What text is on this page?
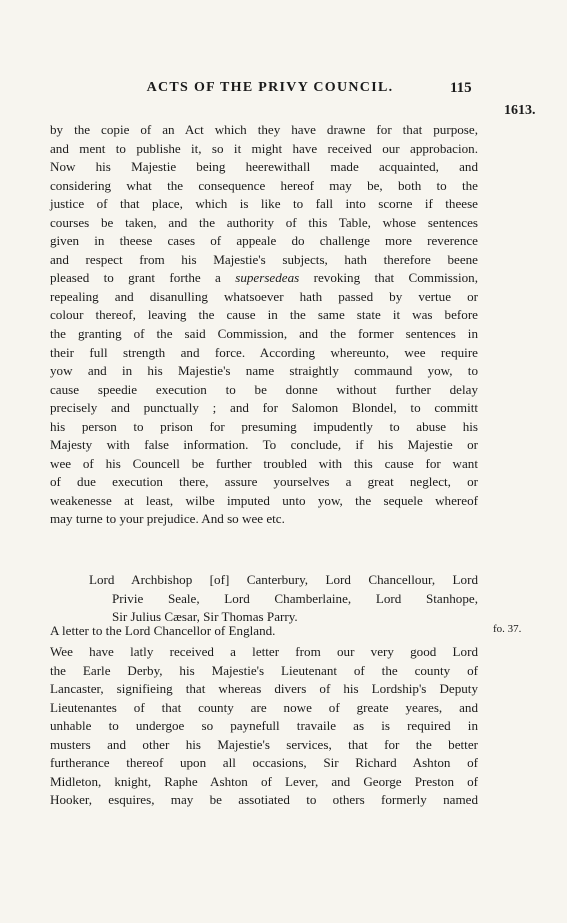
ACTS OF THE PRIVY COUNCIL.	115
1613.
fo. 37.
by the copie of an Act which they have drawne for that purpose,
and ment to publishe it, so it might have received our approbacion.
Now his Majestie being heerewithall made acquainted, and
considering what the consequence hereof may be, both to the
justice of that place, which is like to fall into scorne if theese
courses be taken, and the authority of this Table, whose sentences
given in theese cases of appeale do challenge more reverence
and respect from his Majestie's subjects, hath therefore beene
pleased to grant forthe a supersedeas revoking that Commission,
repealing and disanulling whatsoever hath passed by vertue or
colour thereof, leaving the cause in the same state it was before
the granting of the said Commission, and the former sentences in
their full strength and force. According whereunto, wee require
yow and in his Majestie's name straightly commaund yow, to
cause speedie execution to be donne without further delay
precisely and punctually ; and for Salomon Blondel, to committ
his person to prison for presuming impudently to abuse his
Majesty with false information. To conclude, if his Majestie or
wee of his Councell be further troubled with this cause for want
of due execution there, assure yourselves a great neglect, or
weakenesse at least, wilbe imputed unto yow, the sequele whereof
may turne to your prejudice. And so wee etc.
Lord Archbishop [of] Canterbury, Lord Chancellour, Lord
Privie Seale, Lord Chamberlaine, Lord Stanhope,
Sir Julius Cæsar, Sir Thomas Parry.
A letter to the Lord Chancellor of England.
Wee have latly received a letter from our very good Lord
the Earle Derby, his Majestie's Lieutenant of the county of
Lancaster, signifieing that whereas divers of his Lordship's Deputy
Lieutenantes of that county are nowe of greate yeares, and
unhable to undergoe so paynefull travaile as is required in
musters and other his Majestie's services, that for the better
furtherance thereof upon all occasions, Sir Richard Ashton of
Midleton, knight, Raphe Ashton of Lever, and George Preston of
Hooker, esquires, may be assotiated to others formerly named
